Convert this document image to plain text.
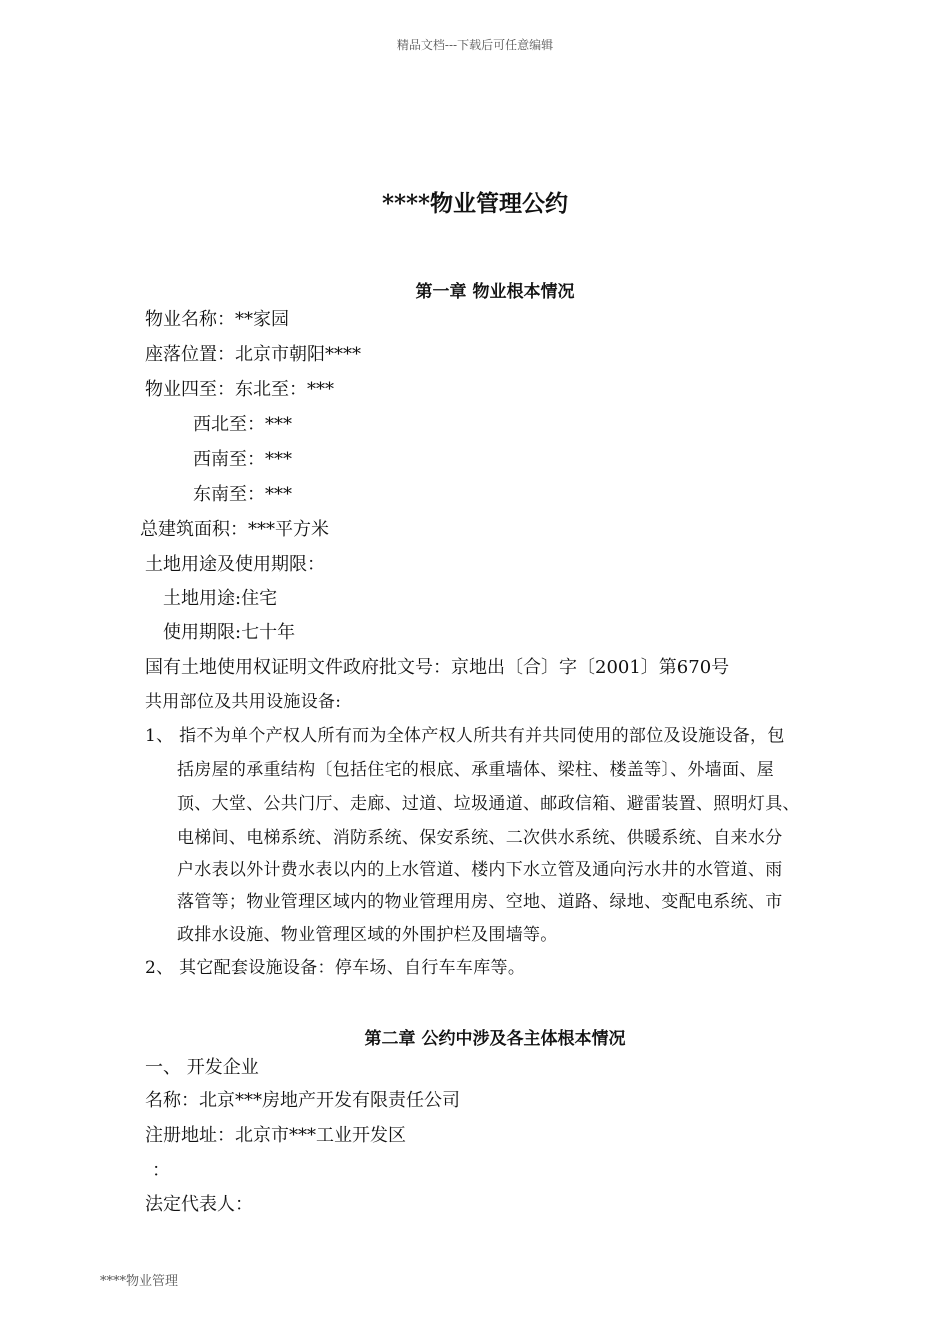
精品文档---下载后可任意编辑
****物业管理公约
第一章 物业根本情况
物业名称：**家园
座落位置：北京市朝阳****
物业四至：东北至：***
西北至：***
西南至：***
东南至：***
总建筑面积：***平方米
土地用途及使用期限：
土地用途:住宅
使用期限:七十年
国有土地使用权证明文件政府批文号：京地出〔合〕字〔2001〕第670号
共用部位及共用设施设备:
1、 指不为单个产权人所有而为全体产权人所共有并共同使用的部位及设施设备，包
括房屋的承重结构〔包括住宅的根底、承重墙体、梁柱、楼盖等〕、外墙面、屋
顶、大堂、公共门厅、走廊、过道、垃圾通道、邮政信箱、避雷装置、照明灯具、
电梯间、电梯系统、消防系统、保安系统、二次供水系统、供暖系统、自来水分
户水表以外计费水表以内的上水管道、楼内下水立管及通向污水井的水管道、雨
落管等；物业管理区域内的物业管理用房、空地、道路、绿地、变配电系统、市
政排水设施、物业管理区域的外围护栏及围墙等。
2、 其它配套设施设备：停车场、自行车车库等。
第二章 公约中涉及各主体根本情况
一、 开发企业
名称：北京***房地产开发有限责任公司
注册地址：北京市***工业开发区
：
法定代表人：
****物业管理
